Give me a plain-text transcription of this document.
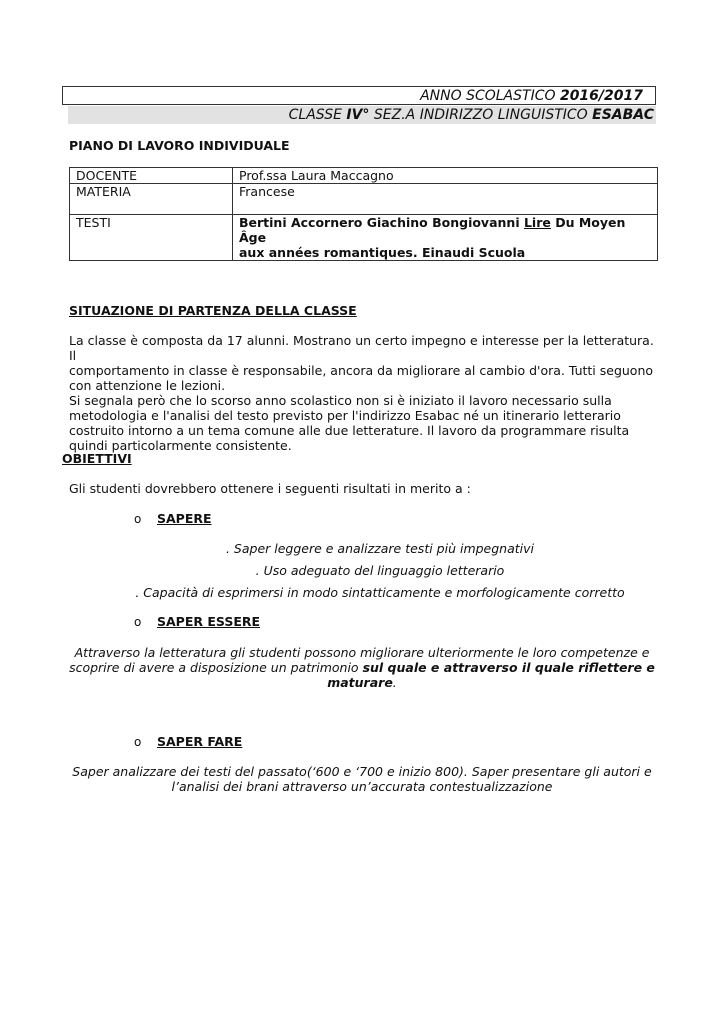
ANNO SCOLASTICO 2016/2017
CLASSE IV° SEZ.A INDIRIZZO LINGUISTICO ESABAC
PIANO DI LAVORO INDIVIDUALE
DOCENTE	Prof.ssa Laura Maccagno
MATERIA	Francese
TESTI	Bertini Accornero Giachino Bongiovanni Lire Du Moyen Âge
aux années romantiques. Einaudi Scuola
SITUAZIONE DI PARTENZA DELLA CLASSE
La classe è composta da 17 alunni. Mostrano un certo impegno e interesse per la letteratura. Il
comportamento in classe è responsabile, ancora da migliorare al cambio d'ora. Tutti seguono
con attenzione le lezioni.
Si segnala però che lo scorso anno scolastico non si è iniziato il lavoro necessario sulla
metodologia e l'analisi del testo previsto per l'indirizzo Esabac né un itinerario letterario
costruito intorno a un tema comune alle due letterature. Il lavoro da programmare risulta
quindi particolarmente consistente.
OBIETTIVI
Gli studenti dovrebbero ottenere i seguenti risultati in merito a :
o SAPERE
. Saper leggere e analizzare testi più impegnativi
. Uso adeguato del linguaggio letterario
. Capacità di esprimersi in modo sintatticamente e morfologicamente corretto
o SAPER ESSERE
Attraverso la letteratura gli studenti possono migliorare ulteriormente le loro competenze e
scoprire di avere a disposizione un patrimonio sul quale e attraverso il quale riflettere e
maturare.
o SAPER FARE
Saper analizzare dei testi del passato(‘600 e ‘700 e inizio 800). Saper presentare gli autori e
l’analisi dei brani attraverso un’accurata contestualizzazione
